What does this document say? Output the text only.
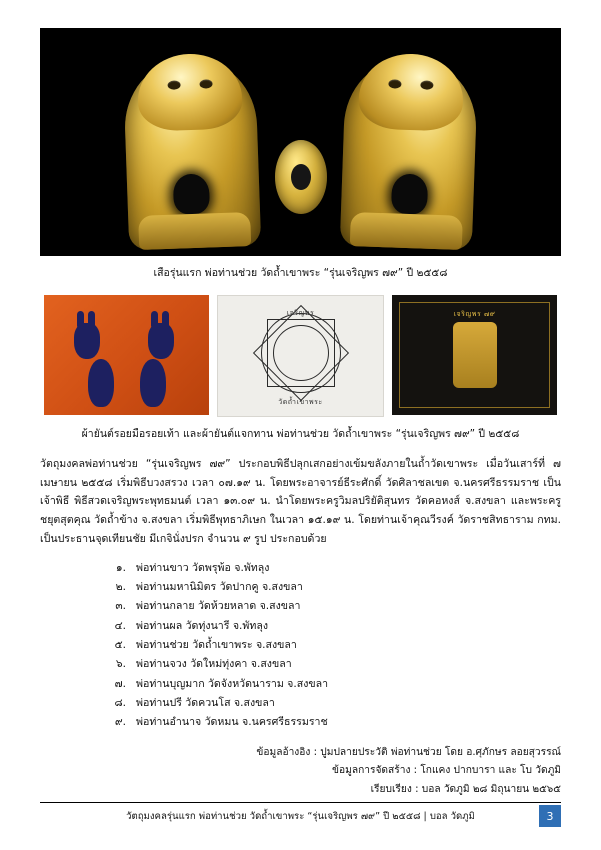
เสือรุ่นแรก พ่อท่านช่วย วัดถ้ำเขาพระ “รุ่นเจริญพร ๗๙” ปี ๒๕๕๘
เจริญพร
วัดถ้ำเขาพระ
เจริญพร ๗๙
ผ้ายันต์รอยมือรอยเท้า และผ้ายันต์แจกทาน พ่อท่านช่วย วัดถ้ำเขาพระ “รุ่นเจริญพร ๗๙” ปี ๒๕๕๘

วัตถุมงคลพ่อท่านช่วย “รุ่นเจริญพร ๗๙” ประกอบพิธีปลุกเสกอย่างเข้มขลังภายในถ้ำวัดเขาพระ เมื่อวันเสาร์ที่ ๗ เมษายน ๒๕๕๘ เริ่มพิธีบวงสรวง เวลา ๐๗.๑๙ น. โดยพระอาจารย์ธีระศักดิ์ วัดศิลาชลเขต จ.นครศรีธรรมราช เป็นเจ้าพิธี พิธีสวดเจริญพระพุทธมนต์ เวลา ๑๓.๐๙ น. นำโดยพระครูวิมลปริยัติสุนทร วัดคอหงส์ จ.สงขลา และพระครูชยุตสุตคุณ วัดถ้ำข้าง จ.สงขลา เริ่มพิธีพุทธาภิเษก ในเวลา ๑๕.๑๙ น. โดยท่านเจ้าคุณวีรงค์ วัดราชสิทธาราม กทม. เป็นประธานจุดเทียนชัย มีเกจินั่งปรก จำนวน ๙ รูป ประกอบด้วย

๑. พ่อท่านขาว วัดพรุพ้อ จ.พัทลุง
๒. พ่อท่านมหานิมิตร วัดปากคู จ.สงขลา
๓. พ่อท่านกลาย วัดห้วยหลาด จ.สงขลา
๔. พ่อท่านผล วัดทุ่งนารี จ.พัทลุง
๕. พ่อท่านช่วย วัดถ้ำเขาพระ จ.สงขลา
๖. พ่อท่านจวง วัดใหม่ทุ่งคา จ.สงขลา
๗. พ่อท่านบุญมาก วัดจังหวัดนาราม จ.สงขลา
๘. พ่อท่านปรี วัดควนโส จ.สงขลา
๙. พ่อท่านอำนาจ วัดหมน จ.นครศรีธรรมราช
ข้อมูลอ้างอิง : ปูมปลายประวัติ พ่อท่านช่วย โดย อ.ศุภักษร ลอยสุวรรณ์
ข้อมูลการจัดสร้าง : โกแคง ปากบารา และ โบ วัดภูมิ
เรียบเรียง : บอล วัดภูมิ ๒๘ มิถุนายน ๒๕๖๕
วัตถุมงคลรุ่นแรก พ่อท่านช่วย วัดถ้ำเขาพระ “รุ่นเจริญพร ๗๙” ปี ๒๕๕๘ | บอล วัดภูมิ	3
